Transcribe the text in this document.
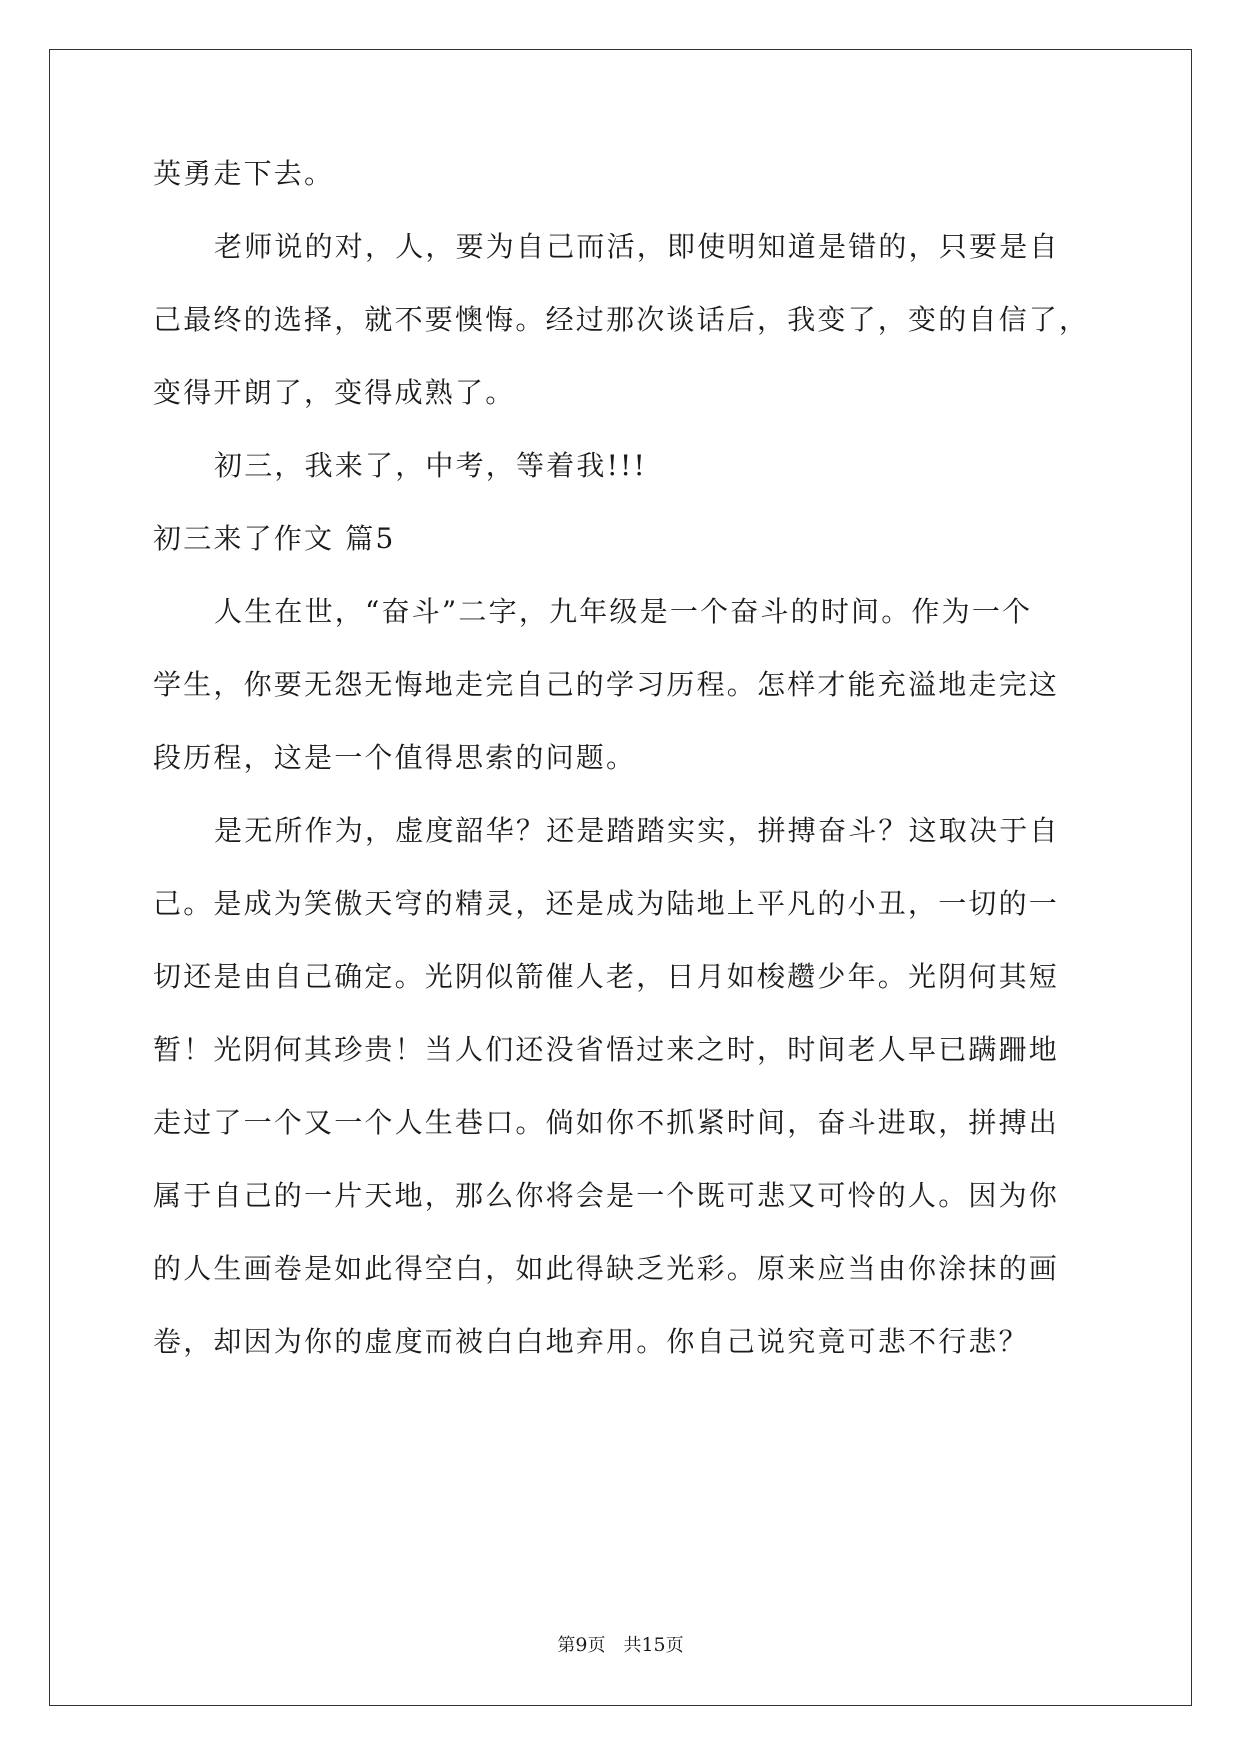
英勇走下去。
老师说的对，人，要为自己而活，即使明知道是错的，只要是自
己最终的选择，就不要懊悔。经过那次谈话后，我变了，变的自信了，
变得开朗了，变得成熟了。
初三，我来了，中考，等着我!!!
初三来了作文 篇5
人生在世，“奋斗”二字，九年级是一个奋斗的时间。作为一个
学生，你要无怨无悔地走完自己的学习历程。怎样才能充溢地走完这
段历程，这是一个值得思索的问题。
是无所作为，虚度韶华？还是踏踏实实，拼搏奋斗？这取决于自
己。是成为笑傲天穹的精灵，还是成为陆地上平凡的小丑，一切的一
切还是由自己确定。光阴似箭催人老，日月如梭趱少年。光阴何其短
暂！光阴何其珍贵！当人们还没省悟过来之时，时间老人早已蹒跚地
走过了一个又一个人生巷口。倘如你不抓紧时间，奋斗进取，拼搏出
属于自己的一片天地，那么你将会是一个既可悲又可怜的人。因为你
的人生画卷是如此得空白，如此得缺乏光彩。原来应当由你涂抹的画
卷，却因为你的虚度而被白白地弃用。你自己说究竟可悲不行悲？
第9页 共15页
